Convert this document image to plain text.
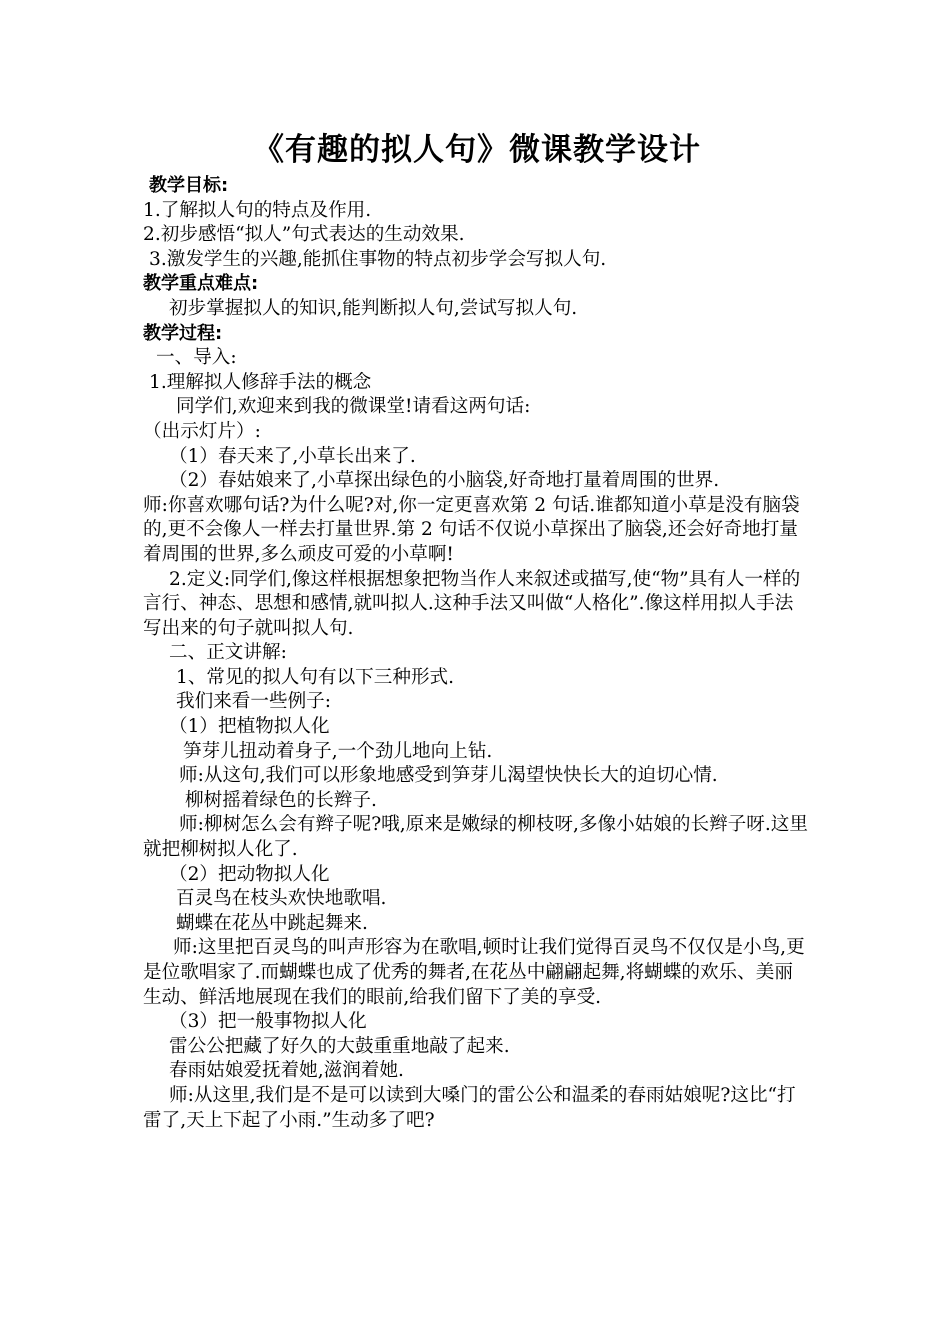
《有趣的拟人句》微课教学设计

教学目标:

1.了解拟人句的特点及作用.

2.初步感悟“拟人”句式表达的生动效果.

3.激发学生的兴趣,能抓住事物的特点初步学会写拟人句.

教学重点难点:

初步掌握拟人的知识,能判断拟人句,尝试写拟人句.

教学过程:

一、导入:

1.理解拟人修辞手法的概念

同学们,欢迎来到我的微课堂!请看这两句话:

（出示灯片）:

（1）春天来了,小草长出来了.

（2）春姑娘来了,小草探出绿色的小脑袋,好奇地打量着周围的世界.

师:你喜欢哪句话?为什么呢?对,你一定更喜欢第 2 句话.谁都知道小草是没有脑袋的,更不会像人一样去打量世界.第 2 句话不仅说小草探出了脑袋,还会好奇地打量着周围的世界,多么顽皮可爱的小草啊!

2.定义:同学们,像这样根据想象把物当作人来叙述或描写,使“物”具有人一样的言行、神态、思想和感情,就叫拟人.这种手法又叫做“人格化”.像这样用拟人手法写出来的句子就叫拟人句.

二、正文讲解:

1、常见的拟人句有以下三种形式.

我们来看一些例子:

（1）把植物拟人化

笋芽儿扭动着身子,一个劲儿地向上钻.

师:从这句,我们可以形象地感受到笋芽儿渴望快快长大的迫切心情.

柳树摇着绿色的长辫子.

师:柳树怎么会有辫子呢?哦,原来是嫩绿的柳枝呀,多像小姑娘的长辫子呀.这里就把柳树拟人化了.

（2）把动物拟人化

百灵鸟在枝头欢快地歌唱.

蝴蝶在花丛中跳起舞来.

师:这里把百灵鸟的叫声形容为在歌唱,顿时让我们觉得百灵鸟不仅仅是小鸟,更是位歌唱家了.而蝴蝶也成了优秀的舞者,在花丛中翩翩起舞,将蝴蝶的欢乐、美丽生动、鲜活地展现在我们的眼前,给我们留下了美的享受.

（3）把一般事物拟人化

雷公公把藏了好久的大鼓重重地敲了起来.

春雨姑娘爱抚着她,滋润着她.

师:从这里,我们是不是可以读到大嗓门的雷公公和温柔的春雨姑娘呢?这比“打雷了,天上下起了小雨.”生动多了吧?
